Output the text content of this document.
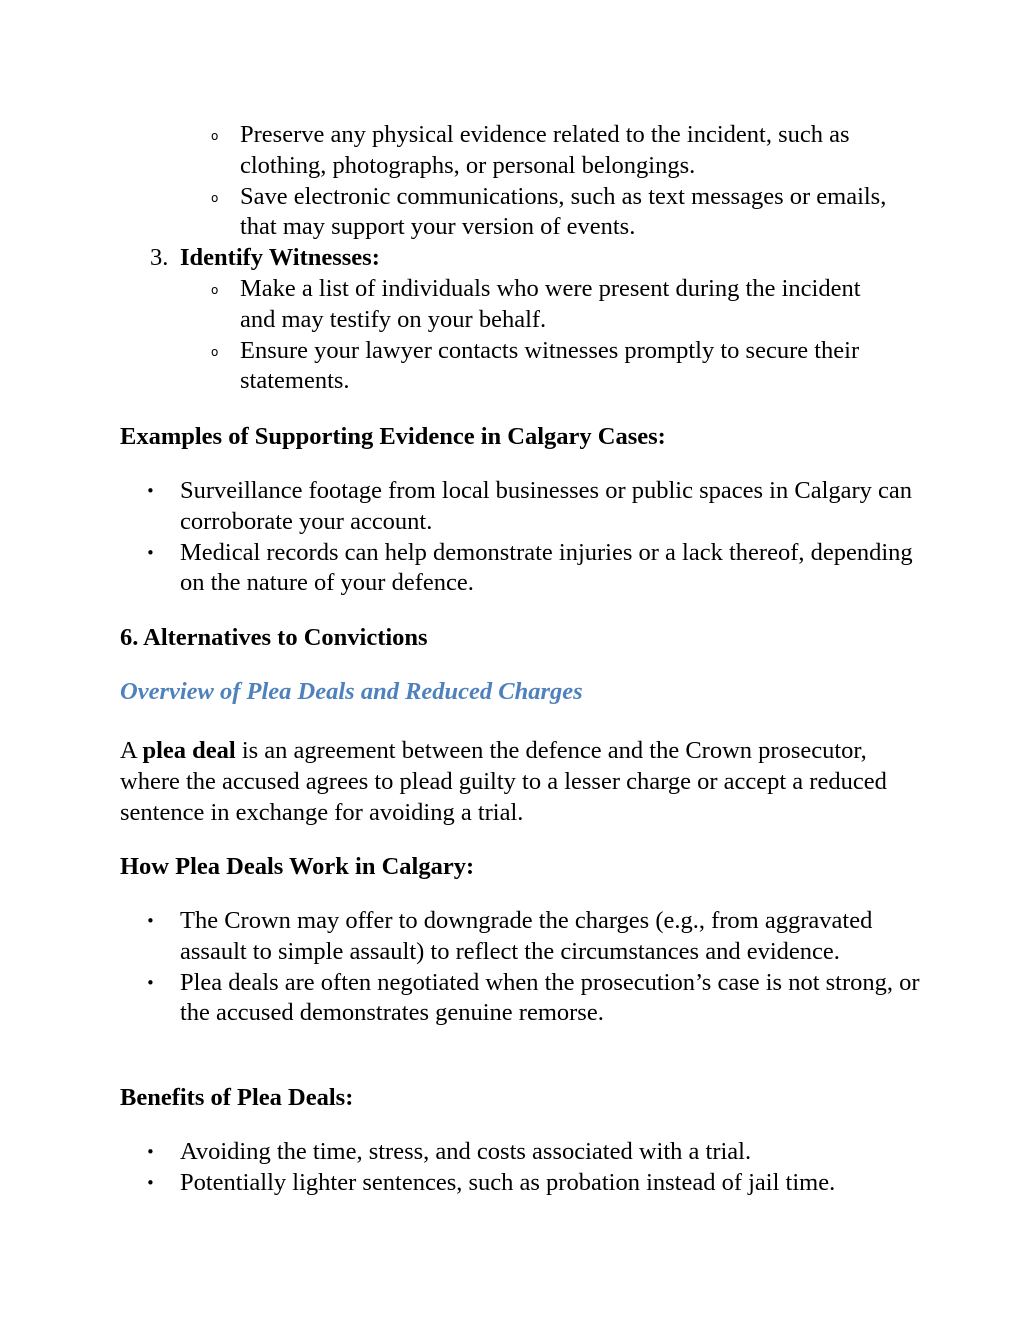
o Preserve any physical evidence related to the incident, such as clothing, photographs, or personal belongings.
o Save electronic communications, such as text messages or emails, that may support your version of events.
3. Identify Witnesses:
o Make a list of individuals who were present during the incident and may testify on your behalf.
o Ensure your lawyer contacts witnesses promptly to secure their statements.

Examples of Supporting Evidence in Calgary Cases:

• Surveillance footage from local businesses or public spaces in Calgary can corroborate your account.
• Medical records can help demonstrate injuries or a lack thereof, depending on the nature of your defence.

6. Alternatives to Convictions

Overview of Plea Deals and Reduced Charges

A plea deal is an agreement between the defence and the Crown prosecutor, where the accused agrees to plead guilty to a lesser charge or accept a reduced sentence in exchange for avoiding a trial.

How Plea Deals Work in Calgary:

• The Crown may offer to downgrade the charges (e.g., from aggravated assault to simple assault) to reflect the circumstances and evidence.
• Plea deals are often negotiated when the prosecution’s case is not strong, or the accused demonstrates genuine remorse.

Benefits of Plea Deals:

• Avoiding the time, stress, and costs associated with a trial.
• Potentially lighter sentences, such as probation instead of jail time.
